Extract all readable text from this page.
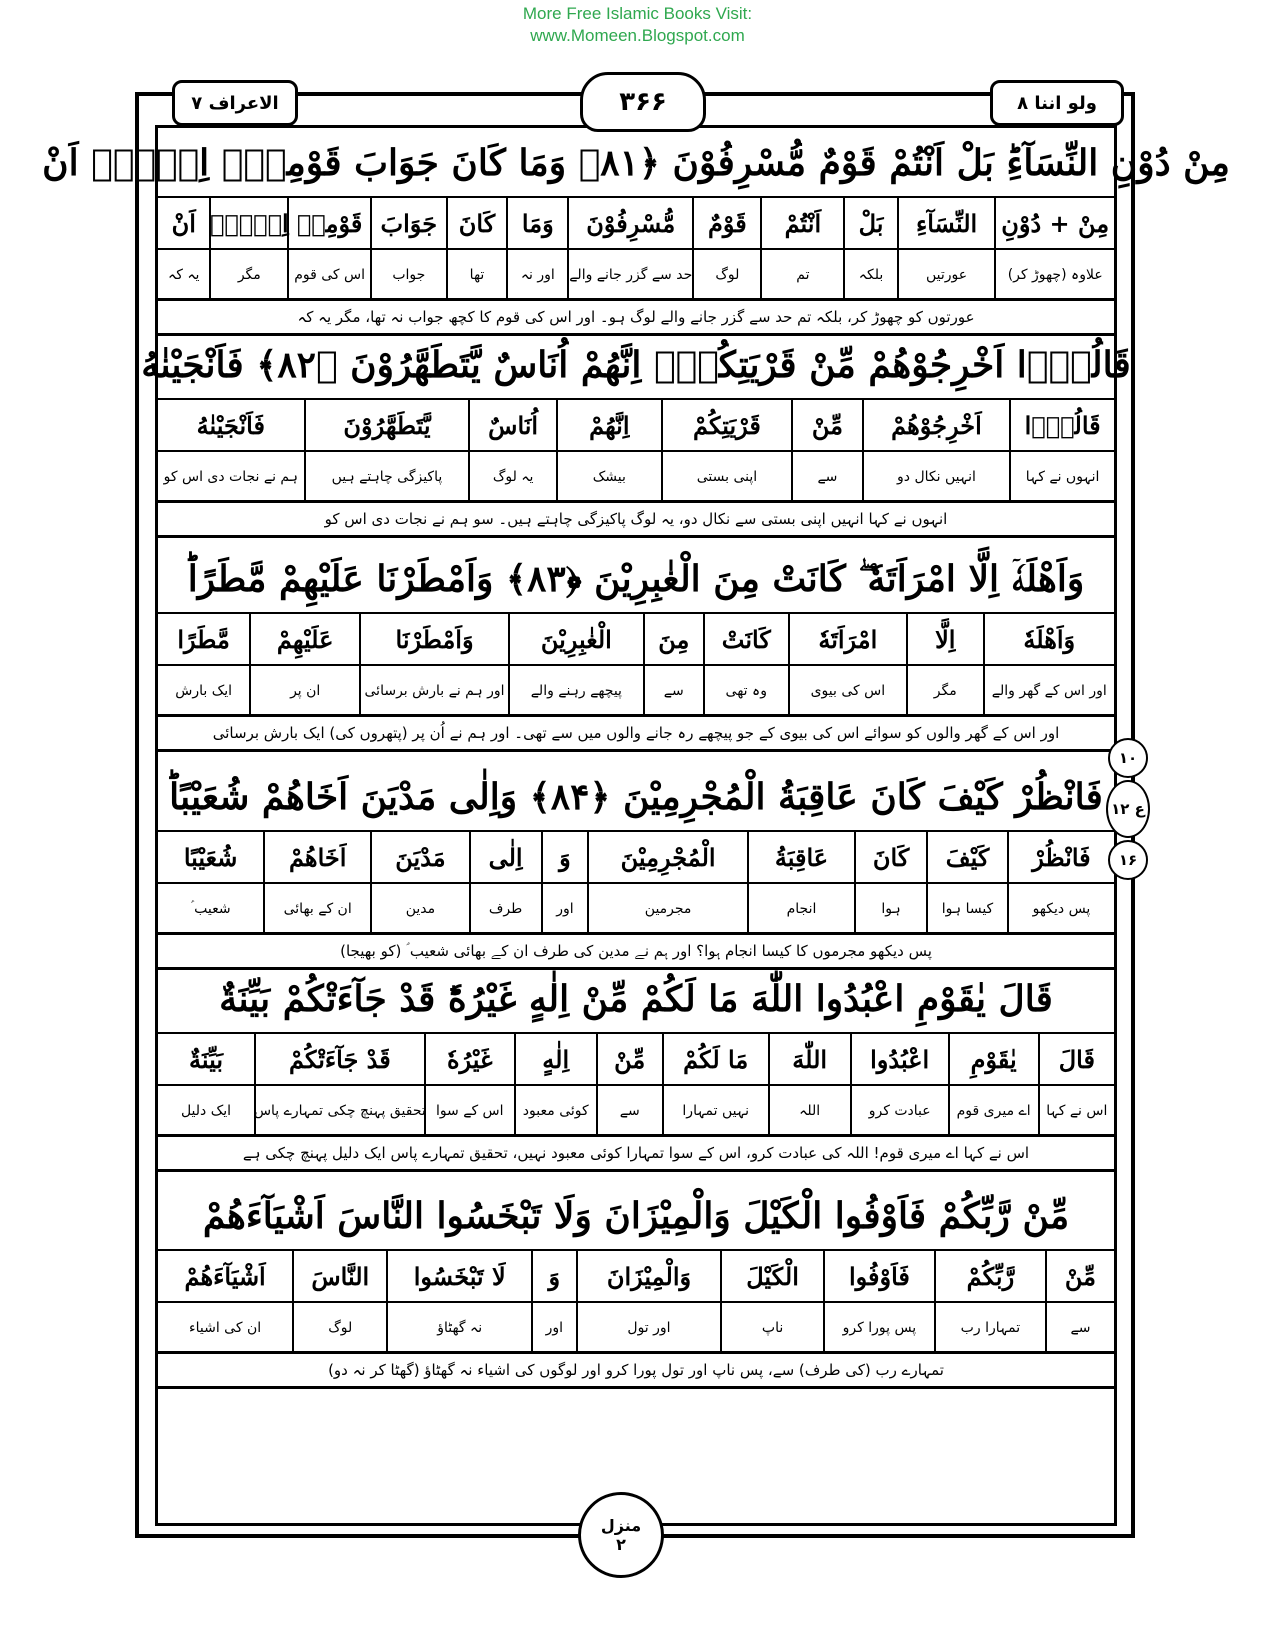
More Free Islamic Books Visit:
www.Momeen.Blogspot.com
الاعراف ۷	۳۶۶	ولو اننا ۸
مِنْ دُوْنِ النِّسَآءِؕ بَلْ اَنْتُمْ قَوْمٌ مُّسْرِفُوْنَ ﴿۸۱﴾ وَمَا كَانَ جَوَابَ قَوْمِهٖۤ اِلَّاۤ اَنْ
مِنْ + دُوْنِ
علاوہ (چھوڑ کر)
النِّسَآءِ
عورتیں
بَلْ
بلکہ
اَنْتُمْ
تم
قَوْمٌ
لوگ
مُّسْرِفُوْنَ
حد سے گزر جانے والے
وَمَا
اور نہ
كَانَ
تھا
جَوَابَ
جواب
قَوْمِهٖ
اس کی قوم
اِلَّاۤ
مگر
اَنْ
یہ کہ
عورتوں کو چھوڑ کر، بلکہ تم حد سے گزر جانے والے لوگ ہو۔ اور اس کی قوم کا کچھ جواب نہ تھا، مگر یہ کہ
قَالُوْۤا اَخْرِجُوْهُمْ مِّنْ قَرْيَتِكُمْۚ اِنَّهُمْ اُنَاسٌ يَّتَطَهَّرُوْنَ ﴿۸۲﴾ فَاَنْجَيْنٰهُ
قَالُوْۤا
انہوں نے کہا
اَخْرِجُوْهُمْ
انہیں نکال دو
مِّنْ
سے
قَرْيَتِكُمْ
اپنی بستی
اِنَّهُمْ
بیشک
اُنَاسٌ
یہ لوگ
يَّتَطَهَّرُوْنَ
پاکیزگی چاہتے ہیں
فَاَنْجَيْنٰهُ
ہم نے نجات دی اس کو
انہوں نے کہا انہیں اپنی بستی سے نکال دو، یہ لوگ پاکیزگی چاہتے ہیں۔ سو ہم نے نجات دی اس کو
وَاَهْلَهٗۤ اِلَّا امْرَاَتَهٗ ۖ كَانَتْ مِنَ الْغٰبِرِيْنَ ﴿۸۳﴾ وَاَمْطَرْنَا عَلَيْهِمْ مَّطَرًاؕ
وَاَهْلَهٗ
اور اس کے گھر والے
اِلَّا
مگر
امْرَاَتَهٗ
اس کی بیوی
كَانَتْ
وہ تھی
مِنَ
سے
الْغٰبِرِيْنَ
پیچھے رہنے والے
وَاَمْطَرْنَا
اور ہم نے بارش برسائی
عَلَيْهِمْ
ان پر
مَّطَرًا
ایک بارش
اور اس کے گھر والوں کو سوائے اس کی بیوی کے جو پیچھے رہ جانے والوں میں سے تھی۔ اور ہم نے اُن پر (پتھروں کی) ایک بارش برسائی
فَانْظُرْ كَيْفَ كَانَ عَاقِبَةُ الْمُجْرِمِيْنَ ﴿۸۴﴾ وَاِلٰى مَدْيَنَ اَخَاهُمْ شُعَيْبًاؕ
فَانْظُرْ
پس دیکھو
كَيْفَ
کیسا ہوا
كَانَ
ہوا
عَاقِبَةُ
انجام
الْمُجْرِمِيْنَ
مجرمین
وَ
اور
اِلٰى
طرف
مَدْيَنَ
مدین
اَخَاهُمْ
ان کے بھائی
شُعَيْبًا
شعیب ؑ
پس دیکھو مجرموں کا کیسا انجام ہوا؟ اور ہم نے مدین کی طرف ان کے بھائی شعیب ؑ (کو بھیجا)
قَالَ يٰقَوْمِ اعْبُدُوا اللّٰهَ مَا لَكُمْ مِّنْ اِلٰهٍ غَيْرُهٗؕ قَدْ جَآءَتْكُمْ بَيِّنَةٌ
قَالَ
اس نے کہا
يٰقَوْمِ
اے میری قوم
اعْبُدُوا
عبادت کرو
اللّٰهَ
اللہ
مَا لَكُمْ
نہیں تمہارا
مِّنْ
سے
اِلٰهٍ
کوئی معبود
غَيْرُهٗ
اس کے سوا
قَدْ جَآءَتْكُمْ
تحقیق پہنچ چکی تمہارے پاس
بَيِّنَةٌ
ایک دلیل
اس نے کہا اے میری قوم! اللہ کی عبادت کرو، اس کے سوا تمہارا کوئی معبود نہیں، تحقیق تمہارے پاس ایک دلیل پہنچ چکی ہے
مِّنْ رَّبِّكُمْ فَاَوْفُوا الْكَيْلَ وَالْمِيْزَانَ وَلَا تَبْخَسُوا النَّاسَ اَشْيَآءَهُمْ
مِّنْ
سے
رَّبِّكُمْ
تمہارا رب
فَاَوْفُوا
پس پورا کرو
الْكَيْلَ
ناپ
وَالْمِيْزَانَ
اور تول
وَ
اور
لَا تَبْخَسُوا
نہ گھٹاؤ
النَّاسَ
لوگ
اَشْيَآءَهُمْ
ان کی اشیاء
تمہارے رب (کی طرف) سے، پس ناپ اور تول پورا کرو اور لوگوں کی اشیاء نہ گھٹاؤ (گھٹا کر نہ دو)
۱۰
ع ۱۲
۱۶
منزل
۲
